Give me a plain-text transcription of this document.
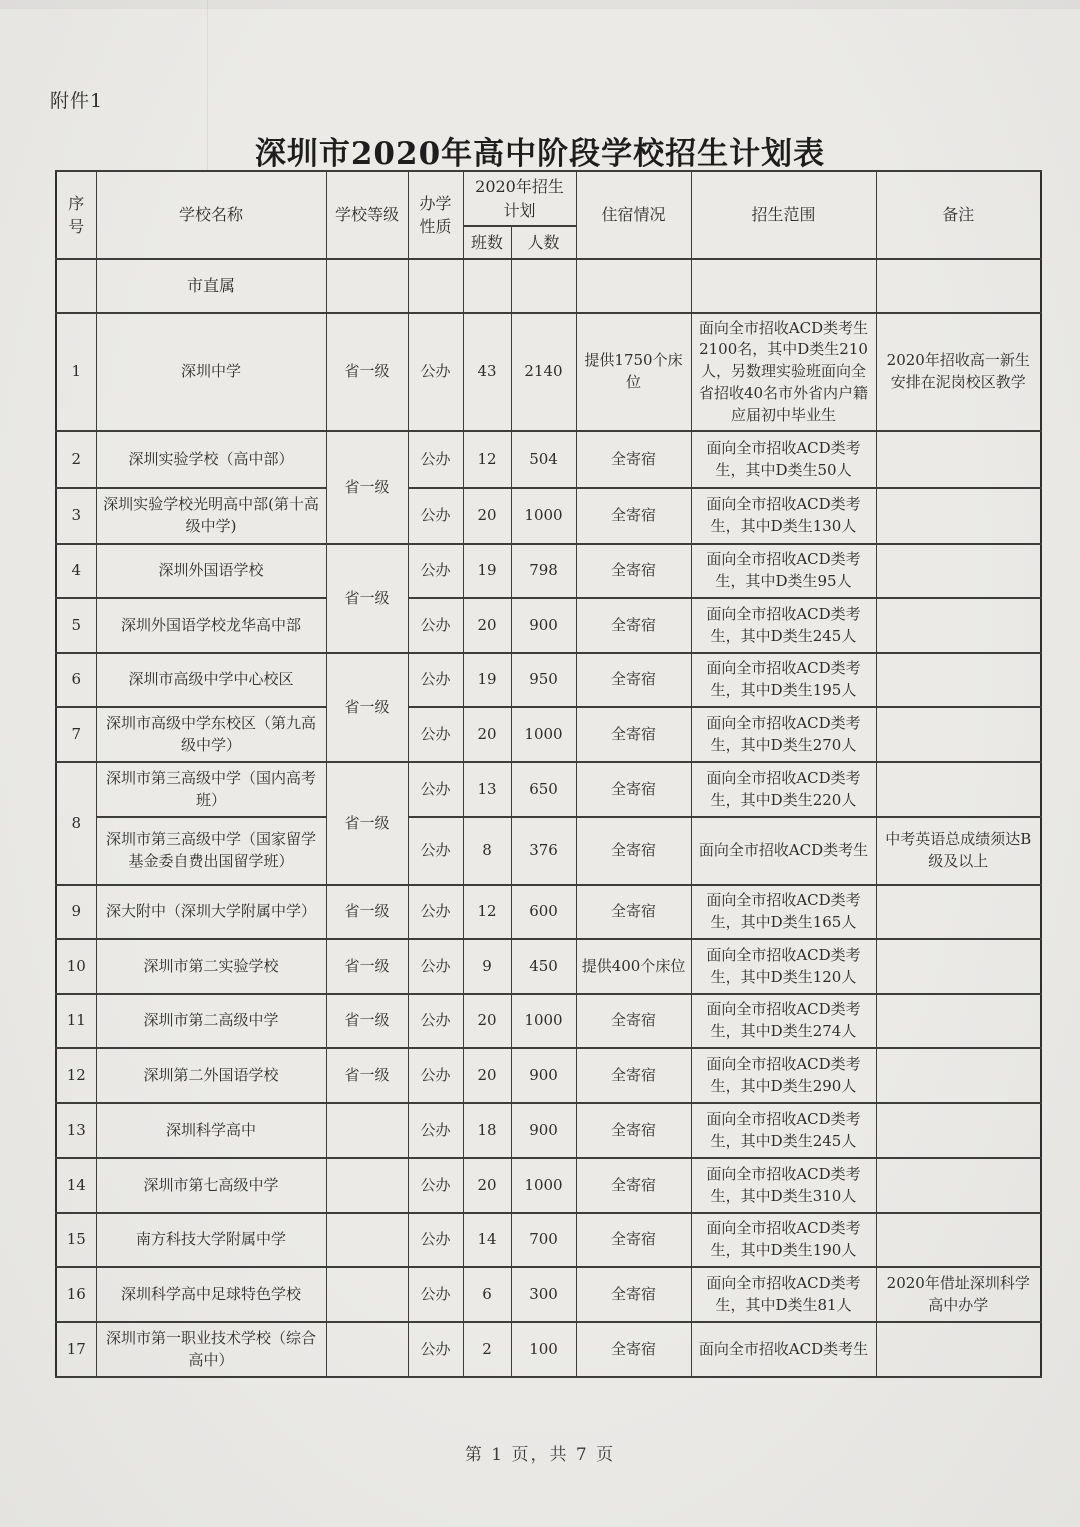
附件1
深圳市2020年高中阶段学校招生计划表
序号	学校名称	学校等级	办学性质	2020年招生计划		住宿情况	招生范围	备注
				班数	人数			
	市直属							
1	深圳中学	省一级	公办	43	2140	提供1750个床位	面向全市招收ACD类考生2100名，其中D类生210人，另数理实验班面向全省招收40名市外省内户籍应届初中毕业生	2020年招收高一新生安排在泥岗校区教学
2	深圳实验学校（高中部）	省一级	公办	12	504	全寄宿	面向全市招收ACD类考生，其中D类生50人	
3	深圳实验学校光明高中部(第十高级中学)		公办	20	1000	全寄宿	面向全市招收ACD类考生，其中D类生130人	
4	深圳外国语学校	省一级	公办	19	798	全寄宿	面向全市招收ACD类考生，其中D类生95人	
5	深圳外国语学校龙华高中部		公办	20	900	全寄宿	面向全市招收ACD类考生，其中D类生245人	
6	深圳市高级中学中心校区	省一级	公办	19	950	全寄宿	面向全市招收ACD类考生，其中D类生195人	
7	深圳市高级中学东校区（第九高级中学）		公办	20	1000	全寄宿	面向全市招收ACD类考生，其中D类生270人	
8	深圳市第三高级中学（国内高考班）	省一级	公办	13	650	全寄宿	面向全市招收ACD类考生，其中D类生220人	
	深圳市第三高级中学（国家留学基金委自费出国留学班）		公办	8	376	全寄宿	面向全市招收ACD类考生	中考英语总成绩须达B级及以上
9	深大附中（深圳大学附属中学）	省一级	公办	12	600	全寄宿	面向全市招收ACD类考生，其中D类生165人	
10	深圳市第二实验学校	省一级	公办	9	450	提供400个床位	面向全市招收ACD类考生，其中D类生120人	
11	深圳市第二高级中学	省一级	公办	20	1000	全寄宿	面向全市招收ACD类考生，其中D类生274人	
12	深圳第二外国语学校	省一级	公办	20	900	全寄宿	面向全市招收ACD类考生，其中D类生290人	
13	深圳科学高中		公办	18	900	全寄宿	面向全市招收ACD类考生，其中D类生245人	
14	深圳市第七高级中学		公办	20	1000	全寄宿	面向全市招收ACD类考生，其中D类生310人	
15	南方科技大学附属中学		公办	14	700	全寄宿	面向全市招收ACD类考生，其中D类生190人	
16	深圳科学高中足球特色学校		公办	6	300	全寄宿	面向全市招收ACD类考生，其中D类生81人	2020年借址深圳科学高中办学
17	深圳市第一职业技术学校（综合高中）		公办	2	100	全寄宿	面向全市招收ACD类考生	
第 1 页，共 7 页
